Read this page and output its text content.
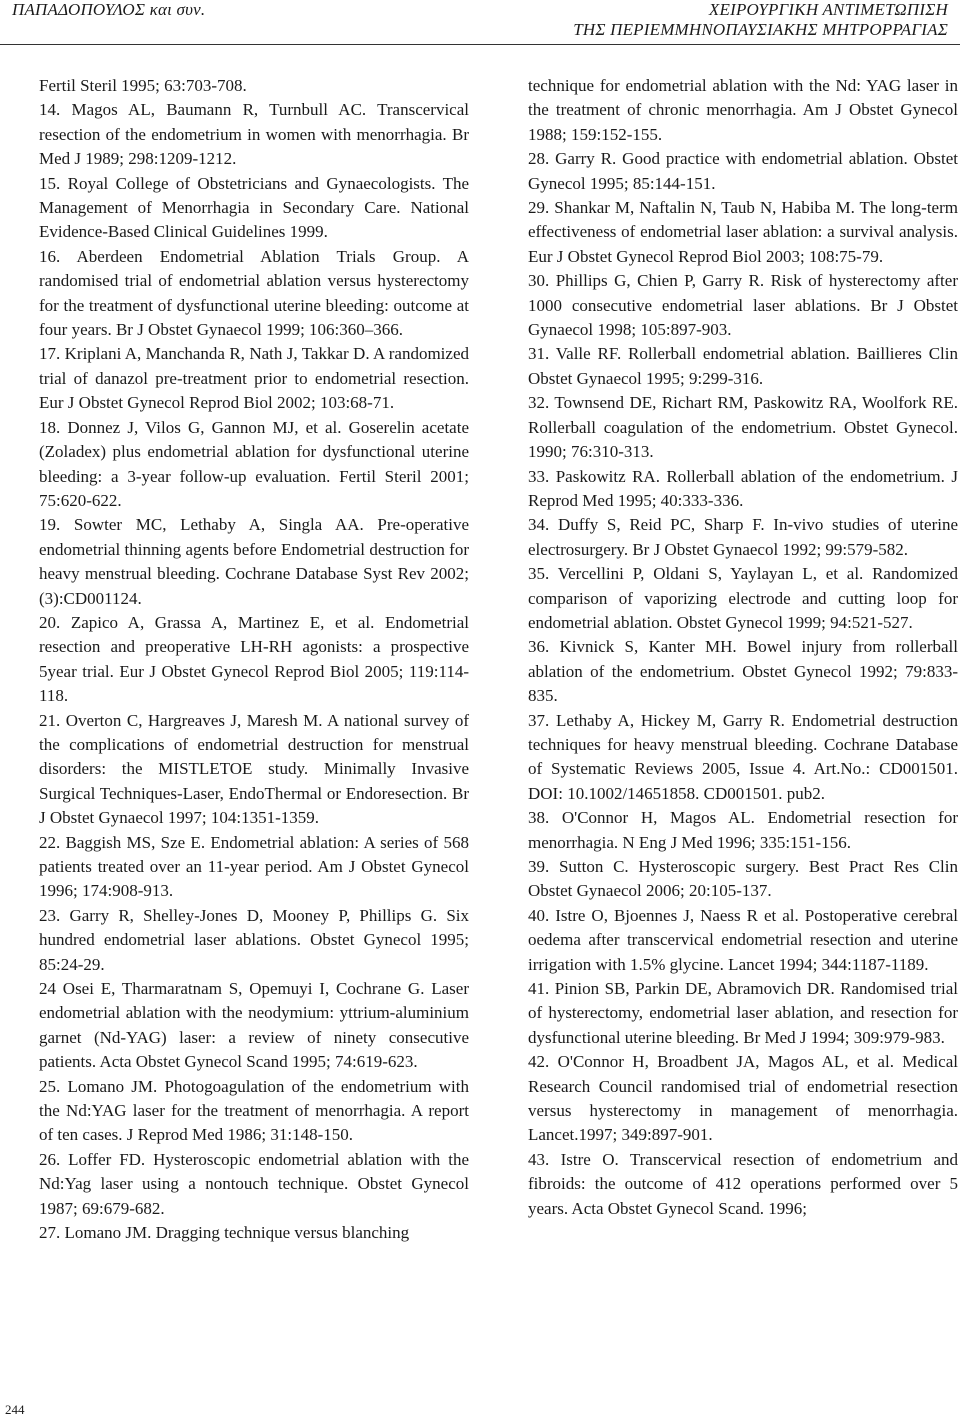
ΠΑΠΑΔΟΠΟΥΛΟΣ και συν.	ΧΕΙΡΟΥΡΓΙΚΗ ΑΝΤΙΜΕΤΩΠΙΣΗ
ΤΗΣ ΠΕΡΙΕΜΜΗΝΟΠΑΥΣΙΑΚΗΣ ΜΗΤΡΟΡΡΑΓΙΑΣ

Fertil Steril 1995; 63:703-708.

14. Magos AL, Baumann R, Turnbull AC. Transcervical resection of the endometrium in women with menorrhagia. Br Med J 1989; 298:1209-1212.

15. Royal College of Obstetricians and Gynaecologists. The Management of Menorrhagia in Secondary Care. National Evidence-Based Clinical Guidelines 1999.

16. Aberdeen Endometrial Ablation Trials Group. A randomised trial of endometrial ablation versus hysterectomy for the treatment of dysfunctional uterine bleeding: outcome at four years. Br J Obstet Gynaecol 1999; 106:360–366.

17. Kriplani A, Manchanda R, Nath J, Takkar D. A randomized trial of danazol pre-treatment prior to endometrial resection. Eur J Obstet Gynecol Reprod Biol 2002; 103:68-71.

18. Donnez J, Vilos G, Gannon MJ, et al. Goserelin acetate (Zoladex) plus endometrial ablation for dysfunctional uterine bleeding: a 3-year follow-up evaluation. Fertil Steril 2001; 75:620-622.

19. Sowter MC, Lethaby A, Singla AA. Pre-operative endometrial thinning agents before Endometrial destruction for heavy menstrual bleeding. Cochrane Database Syst Rev 2002; (3):CD001124.

20. Zapico A, Grassa A, Martinez E, et al. Endometrial resection and preoperative LH-RH agonists: a prospective 5year trial. Eur J Obstet Gynecol Reprod Biol 2005; 119:114-118.

21. Overton C, Hargreaves J, Maresh M. A national survey of the complications of endometrial destruction for menstrual disorders: the MISTLETOE study. Minimally Invasive Surgical Techniques-Laser, EndoThermal or Endoresection. Br J Obstet Gynaecol 1997; 104:1351-1359.

22. Baggish MS, Sze E. Endometrial ablation: A series of 568 patients treated over an 11-year period. Am J Obstet Gynecol 1996; 174:908-913.

23. Garry R, Shelley-Jones D, Mooney P, Phillips G. Six hundred endometrial laser ablations. Obstet Gynecol 1995; 85:24-29.

24 Osei E, Tharmaratnam S, Opemuyi I, Cochrane G. Laser endometrial ablation with the neodymium: yttrium-aluminium garnet (Nd-YAG) laser: a review of ninety consecutive patients. Acta Obstet Gynecol Scand 1995; 74:619-623.

25. Lomano JM. Photogoagulation of the endometrium with the Nd:YAG laser for the treatment of menorrhagia. A report of ten cases. J Reprod Med 1986; 31:148-150.

26. Loffer FD. Hysteroscopic endometrial ablation with the Nd:Yag laser using a nontouch technique. Obstet Gynecol 1987; 69:679-682.

27. Lomano JM. Dragging technique versus blanching

technique for endometrial ablation with the Nd: YAG laser in the treatment of chronic menorrhagia. Am J Obstet Gynecol 1988; 159:152-155.

28. Garry R. Good practice with endometrial ablation. Obstet Gynecol 1995; 85:144-151.

29. Shankar M, Naftalin N, Taub N, Habiba M. The long-term effectiveness of endometrial laser ablation: a survival analysis. Eur J Obstet Gynecol Reprod Biol 2003; 108:75-79.

30. Phillips G, Chien P, Garry R. Risk of hysterectomy after 1000 consecutive endometrial laser ablations. Br J Obstet Gynaecol 1998; 105:897-903.

31. Valle RF. Rollerball endometrial ablation. Baillieres Clin Obstet Gynaecol 1995; 9:299-316.

32. Townsend DE, Richart RM, Paskowitz RA, Woolfork RE. Rollerball coagulation of the endometrium. Obstet Gynecol. 1990; 76:310-313.

33. Paskowitz RA. Rollerball ablation of the endometrium. J Reprod Med 1995; 40:333-336.

34. Duffy S, Reid PC, Sharp F. In-vivo studies of uterine electrosurgery. Br J Obstet Gynaecol 1992; 99:579-582.

35. Vercellini P, Oldani S, Yaylayan L, et al. Randomized comparison of vaporizing electrode and cutting loop for endometrial ablation. Obstet Gynecol 1999; 94:521-527.

36. Kivnick S, Kanter MH. Bowel injury from rollerball ablation of the endometrium. Obstet Gynecol 1992; 79:833-835.

37. Lethaby A, Hickey M, Garry R. Endometrial destruction techniques for heavy menstrual bleeding. Cochrane Database of Systematic Reviews 2005, Issue 4. Art.No.: CD001501. DOI: 10.1002/14651858. CD001501. pub2.

38. O'Connor H, Magos AL. Endometrial resection for menorrhagia. N Eng J Med 1996; 335:151-156.

39. Sutton C. Hysteroscopic surgery. Best Pract Res Clin Obstet Gynaecol 2006; 20:105-137.

40. Istre O, Bjoennes J, Naess R et al. Postoperative cerebral oedema after transcervical endometrial resection and uterine irrigation with 1.5% glycine. Lancet 1994; 344:1187-1189.

41. Pinion SB, Parkin DE, Abramovich DR. Randomised trial of hysterectomy, endometrial laser ablation, and resection for dysfunctional uterine bleeding. Br Med J 1994; 309:979-983.

42. O'Connor H, Broadbent JA, Magos AL, et al. Medical Research Council randomised trial of endometrial resection versus hysterectomy in management of menorrhagia. Lancet.1997; 349:897-901.

43. Istre O. Transcervical resection of endometrium and fibroids: the outcome of 412 operations performed over 5 years. Acta Obstet Gynecol Scand. 1996;

244
